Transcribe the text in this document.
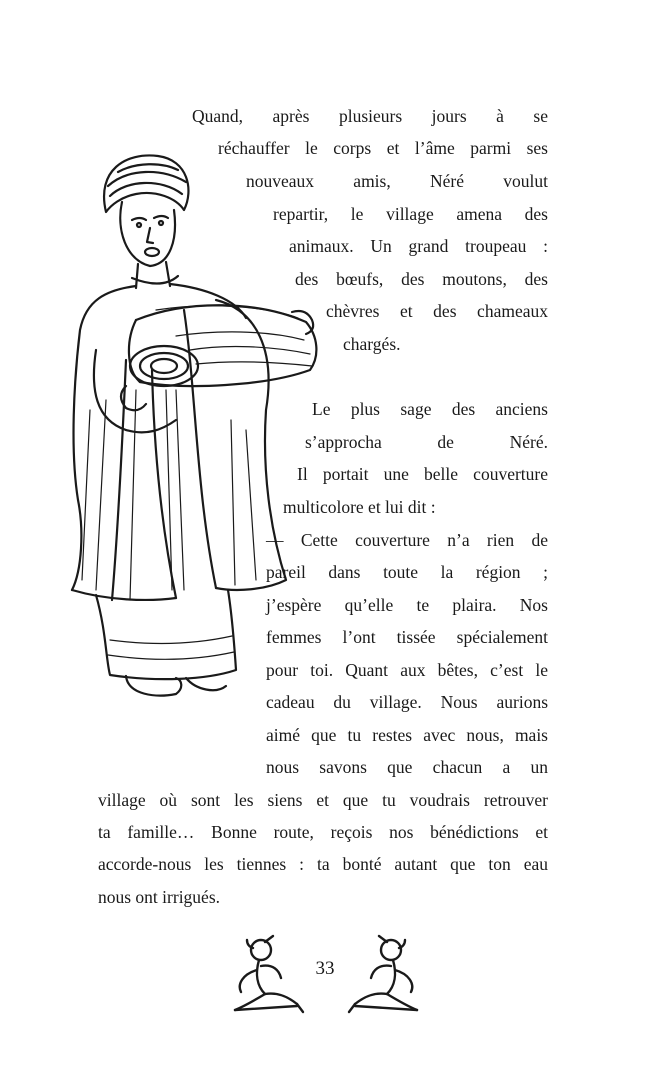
Quand, après plusieurs jours à se
réchauffer le corps et l’âme parmi ses
nouveaux amis, Néré voulut
repartir, le village amena des
animaux. Un grand troupeau :
des bœufs, des moutons, des
chèvres et des chameaux
chargés.
Le plus sage des anciens
s’approcha de Néré.
Il portait une belle couverture
multicolore et lui dit :
— Cette couverture n’a rien de
pareil dans toute la région ;
j’espère qu’elle te plaira. Nos
femmes l’ont tissée spécialement
pour toi. Quant aux bêtes, c’est le
cadeau du village. Nous aurions
aimé que tu restes avec nous, mais
nous savons que chacun a un
village où sont les siens et que tu voudrais retrouver
ta famille… Bonne route, reçois nos bénédictions et
accorde-nous les tiennes : ta bonté autant que ton eau
nous ont irrigués.
33
